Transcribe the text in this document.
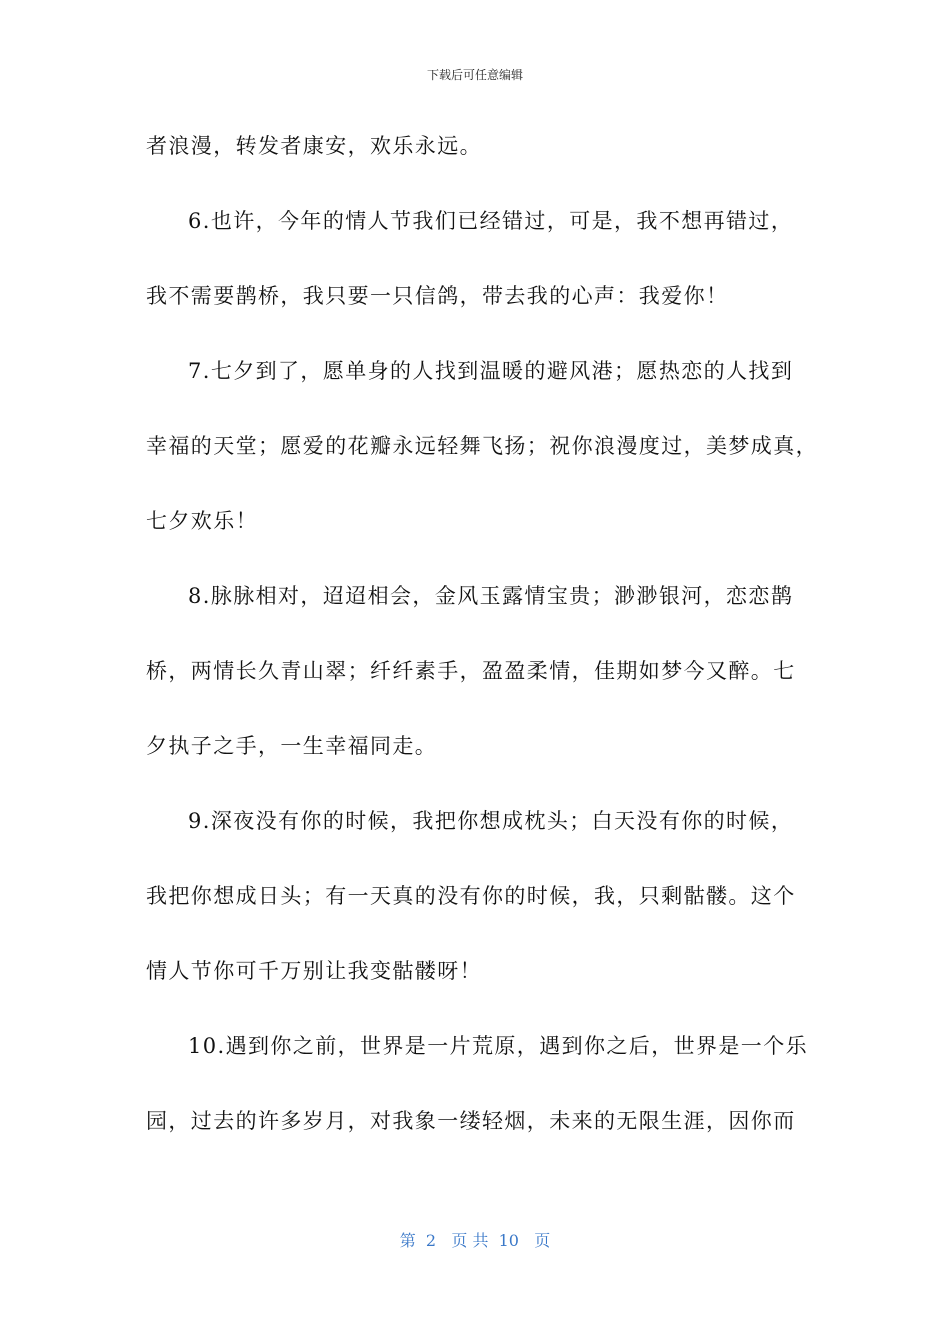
下载后可任意编辑
者浪漫，转发者康安，欢乐永远。
6.也许，今年的情人节我们已经错过，可是，我不想再错过，
我不需要鹊桥，我只要一只信鸽，带去我的心声：我爱你！
7.七夕到了，愿单身的人找到温暖的避风港；愿热恋的人找到
幸福的天堂；愿爱的花瓣永远轻舞飞扬；祝你浪漫度过，美梦成真，
七夕欢乐！
8.脉脉相对，迢迢相会，金风玉露情宝贵；渺渺银河，恋恋鹊
桥，两情长久青山翠；纤纤素手，盈盈柔情，佳期如梦今又醉。七
夕执子之手，一生幸福同走。
9.深夜没有你的时候，我把你想成枕头；白天没有你的时候，
我把你想成日头；有一天真的没有你的时候，我，只剩骷髅。这个
情人节你可千万别让我变骷髅呀！
10.遇到你之前，世界是一片荒原，遇到你之后，世界是一个乐
园，过去的许多岁月，对我象一缕轻烟，未来的无限生涯，因你而
第  2   页 共  10   页
